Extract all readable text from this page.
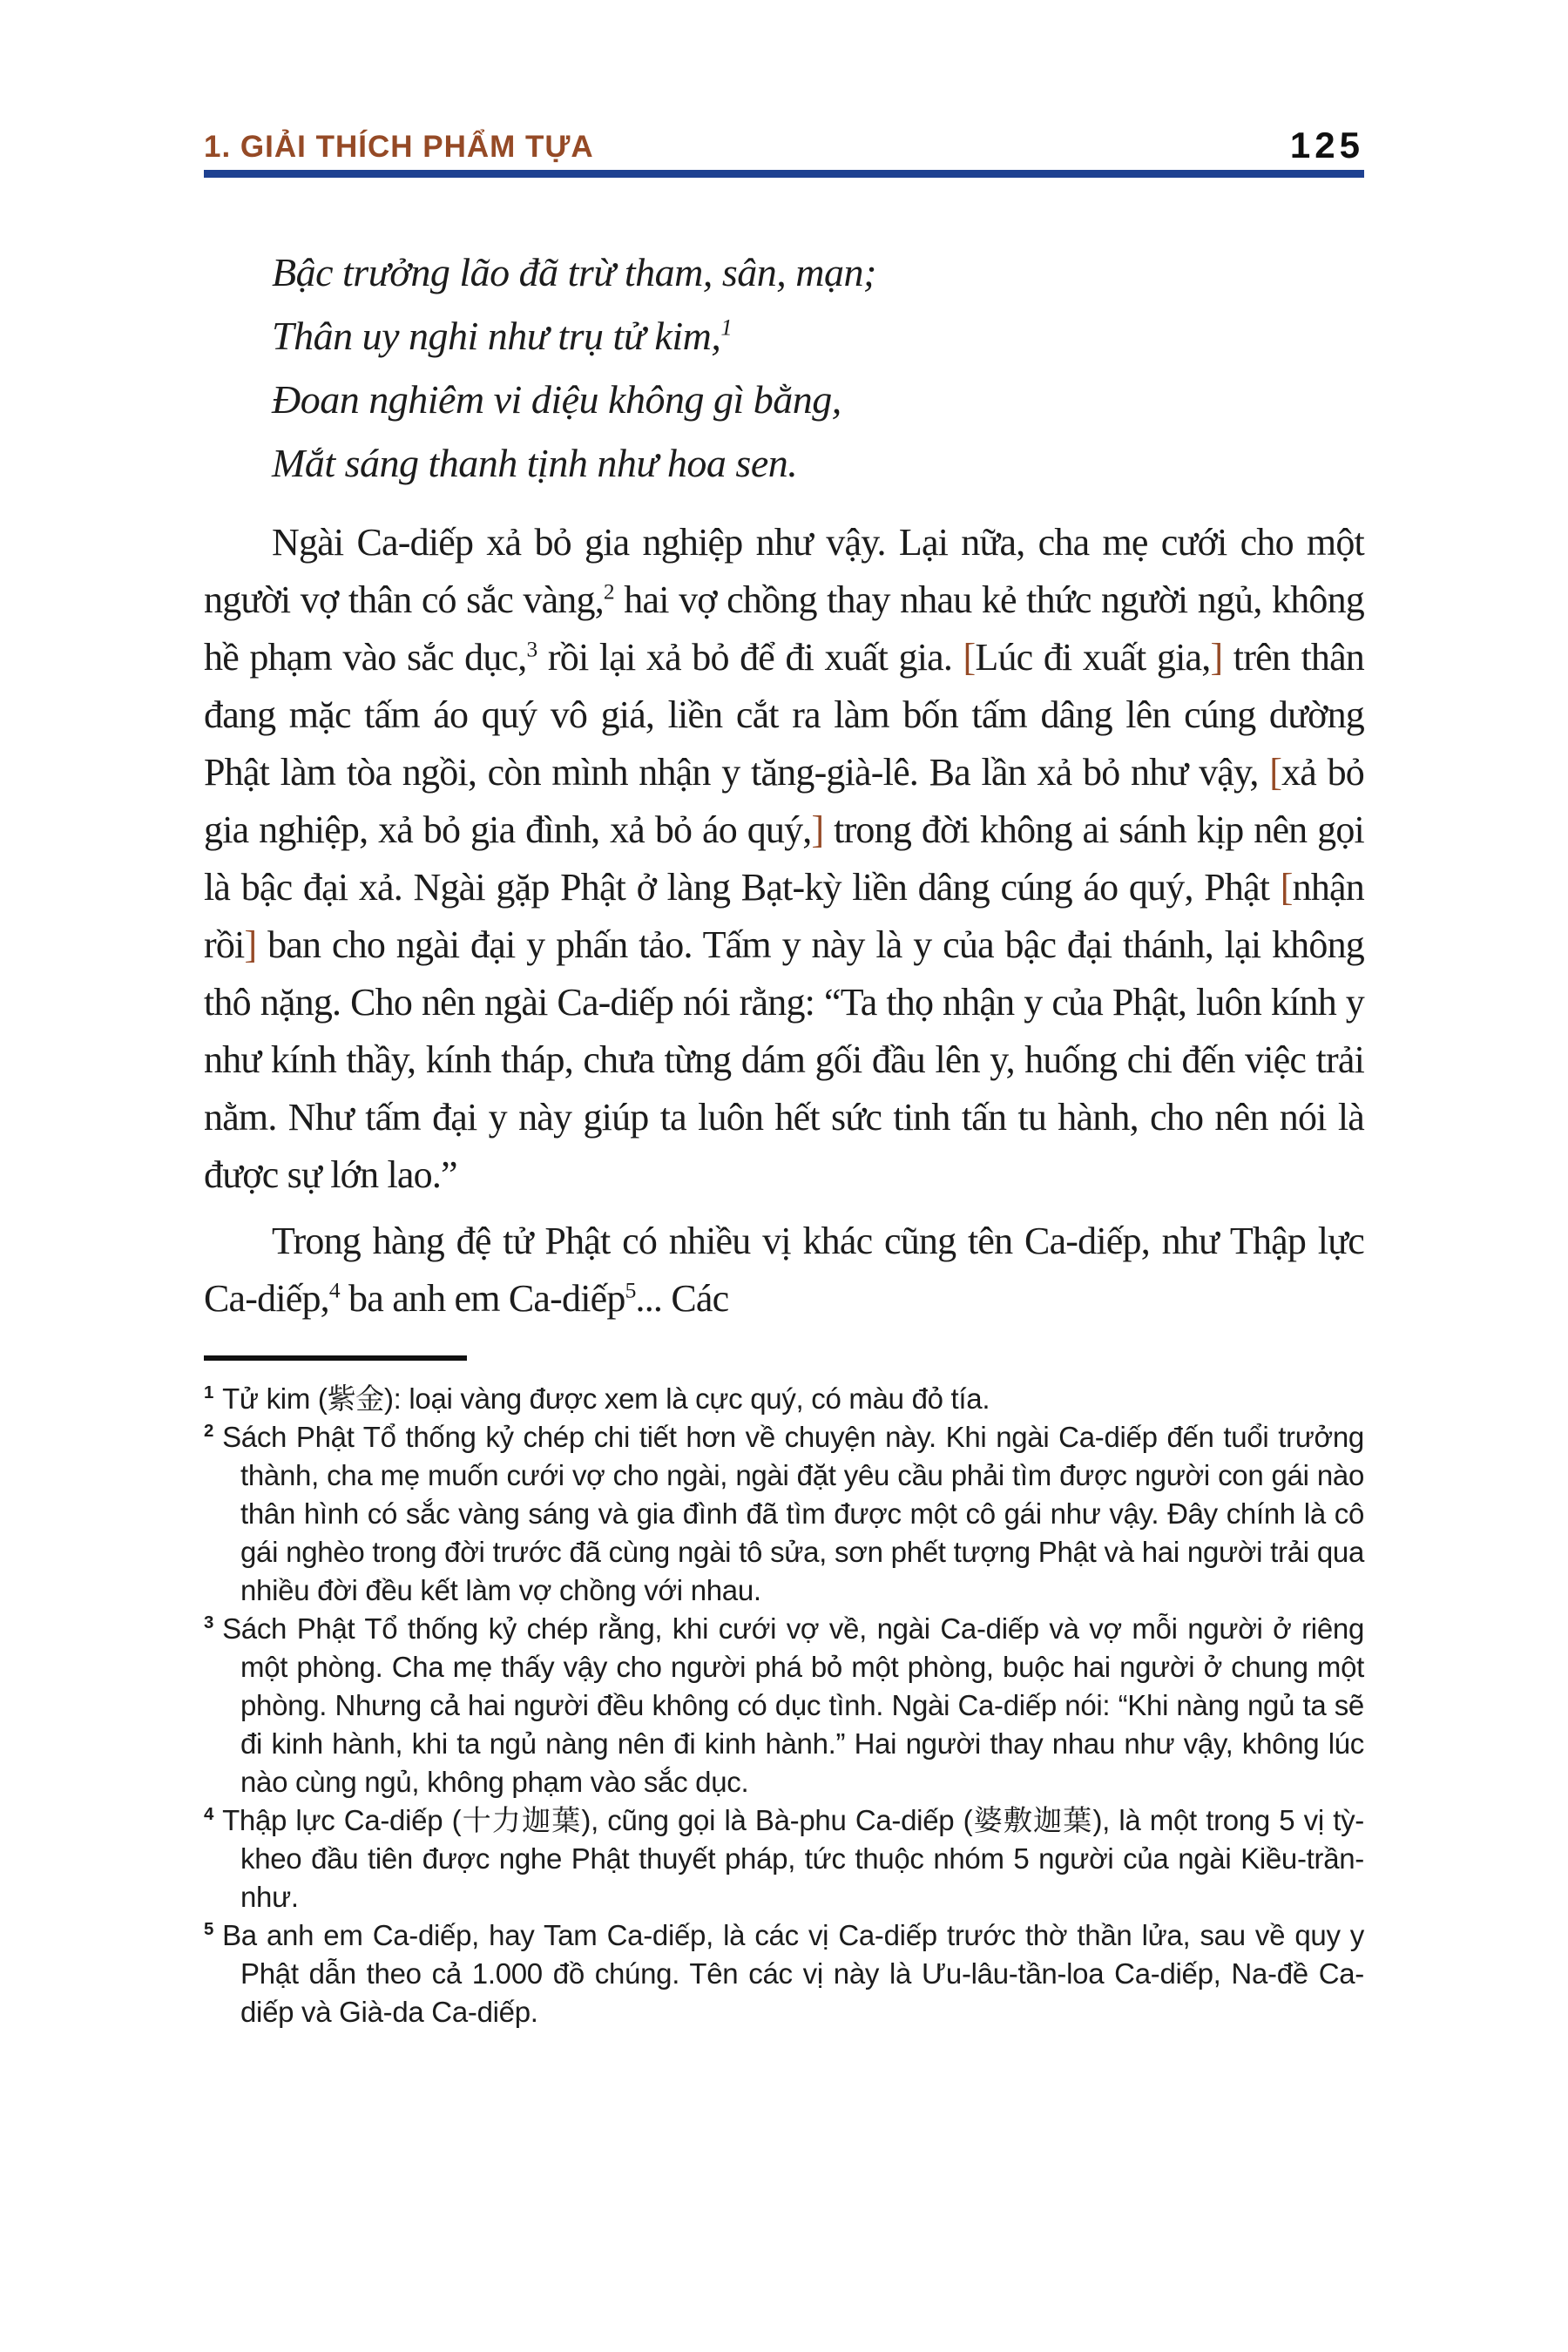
1. GIẢI THÍCH PHẨM TỰA	125
Bậc trưởng lão đã trừ tham, sân, mạn;
Thân uy nghi như trụ tử kim,$^1$
Đoan nghiêm vi diệu không gì bằng,
Mắt sáng thanh tịnh như hoa sen.

Ngài Ca-diếp xả bỏ gia nghiệp như vậy. Lại nữa, cha mẹ cưới cho một người vợ thân có sắc vàng,$^2$ hai vợ chồng thay nhau kẻ thức người ngủ, không hề phạm vào sắc dục,$^3$ rồi lại xả bỏ để đi xuất gia. [Lúc đi xuất gia,] trên thân đang mặc tấm áo quý vô giá, liền cắt ra làm bốn tấm dâng lên cúng dường Phật làm tòa ngồi, còn mình nhận y tăng-già-lê. Ba lần xả bỏ như vậy, [xả bỏ gia nghiệp, xả bỏ gia đình, xả bỏ áo quý,] trong đời không ai sánh kịp nên gọi là bậc đại xả. Ngài gặp Phật ở làng Bạt-kỳ liền dâng cúng áo quý, Phật [nhận rồi] ban cho ngài đại y phấn tảo. Tấm y này là y của bậc đại thánh, lại không thô nặng. Cho nên ngài Ca-diếp nói rằng: “Ta thọ nhận y của Phật, luôn kính y như kính thầy, kính tháp, chưa từng dám gối đầu lên y, huống chi đến việc trải nằm. Như tấm đại y này giúp ta luôn hết sức tinh tấn tu hành, cho nên nói là được sự lớn lao.”

Trong hàng đệ tử Phật có nhiều vị khác cũng tên Ca-diếp, như Thập lực Ca-diếp,$^4$ ba anh em Ca-diếp$^5$... Các

$^1$ Tử kim (紫金): loại vàng được xem là cực quý, có màu đỏ tía.

$^2$ Sách Phật Tổ thống kỷ chép chi tiết hơn về chuyện này. Khi ngài Ca-diếp đến tuổi trưởng thành, cha mẹ muốn cưới vợ cho ngài, ngài đặt yêu cầu phải tìm được người con gái nào thân hình có sắc vàng sáng và gia đình đã tìm được một cô gái như vậy. Đây chính là cô gái nghèo trong đời trước đã cùng ngài tô sửa, sơn phết tượng Phật và hai người trải qua nhiều đời đều kết làm vợ chồng với nhau.

$^3$ Sách Phật Tổ thống kỷ chép rằng, khi cưới vợ về, ngài Ca-diếp và vợ mỗi người ở riêng một phòng. Cha mẹ thấy vậy cho người phá bỏ một phòng, buộc hai người ở chung một phòng. Nhưng cả hai người đều không có dục tình. Ngài Ca-diếp nói: “Khi nàng ngủ ta sẽ đi kinh hành, khi ta ngủ nàng nên đi kinh hành.” Hai người thay nhau như vậy, không lúc nào cùng ngủ, không phạm vào sắc dục.

$^4$ Thập lực Ca-diếp (十力迦葉), cũng gọi là Bà-phu Ca-diếp (婆敷迦葉), là một trong 5 vị tỳ-kheo đầu tiên được nghe Phật thuyết pháp, tức thuộc nhóm 5 người của ngài Kiều-trần-như.

$^5$ Ba anh em Ca-diếp, hay Tam Ca-diếp, là các vị Ca-diếp trước thờ thần lửa, sau về quy y Phật dẫn theo cả 1.000 đồ chúng. Tên các vị này là Ưu-lâu-tần-loa Ca-diếp, Na-đề Ca-diếp và Già-da Ca-diếp.
